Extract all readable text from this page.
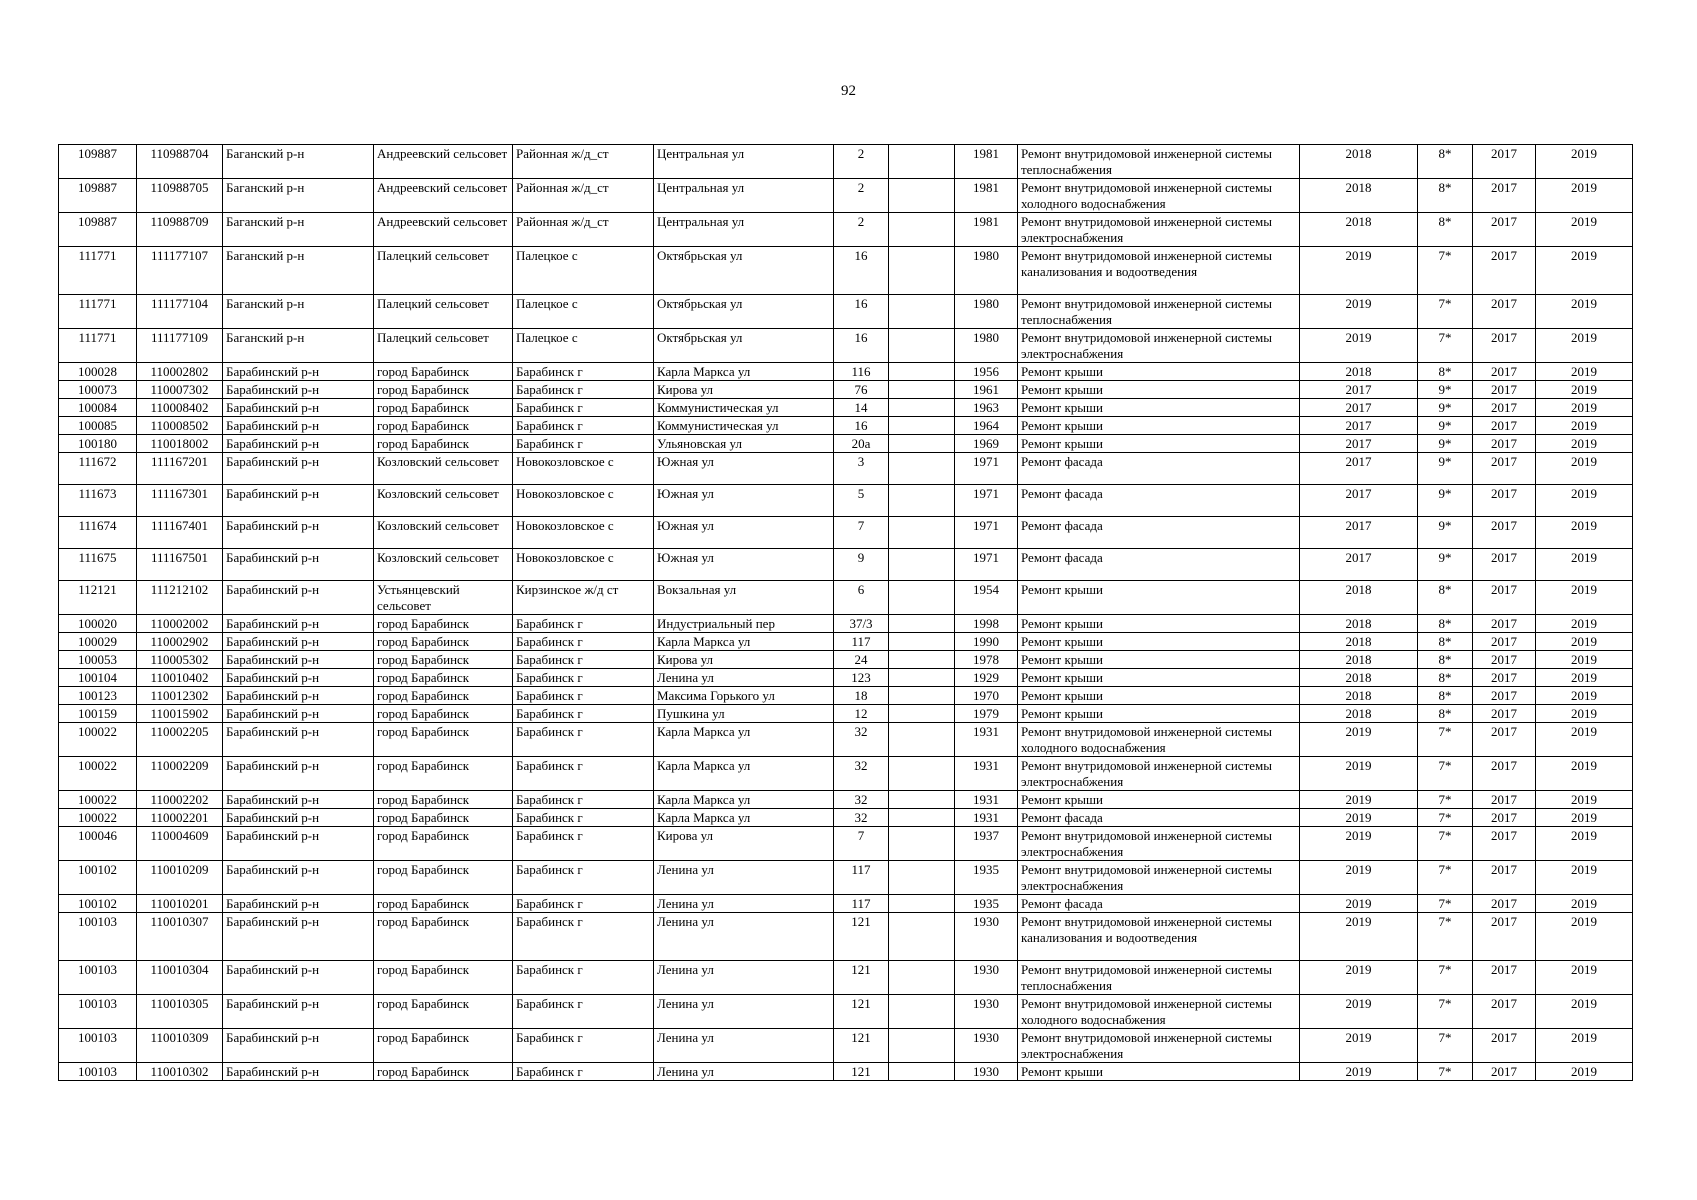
92
109887	110988704	Баганский р-н	Андреевский сельсовет	Районная ж/д_ст	Центральная ул	2		1981	Ремонт внутридомовой инженерной системы теплоснабжения	2018	8*	2017	2019
109887	110988705	Баганский р-н	Андреевский сельсовет	Районная ж/д_ст	Центральная ул	2		1981	Ремонт внутридомовой инженерной системы холодного водоснабжения	2018	8*	2017	2019
109887	110988709	Баганский р-н	Андреевский сельсовет	Районная ж/д_ст	Центральная ул	2		1981	Ремонт внутридомовой инженерной системы электроснабжения	2018	8*	2017	2019
111771	111177107	Баганский р-н	Палецкий сельсовет	Палецкое с	Октябрьская ул	16		1980	Ремонт внутридомовой инженерной системы канализования и водоотведения	2019	7*	2017	2019
111771	111177104	Баганский р-н	Палецкий сельсовет	Палецкое с	Октябрьская ул	16		1980	Ремонт внутридомовой инженерной системы теплоснабжения	2019	7*	2017	2019
111771	111177109	Баганский р-н	Палецкий сельсовет	Палецкое с	Октябрьская ул	16		1980	Ремонт внутридомовой инженерной системы электроснабжения	2019	7*	2017	2019
100028	110002802	Барабинский р-н	город Барабинск	Барабинск г	Карла Маркса ул	116		1956	Ремонт крыши	2018	8*	2017	2019
100073	110007302	Барабинский р-н	город Барабинск	Барабинск г	Кирова ул	76		1961	Ремонт крыши	2017	9*	2017	2019
100084	110008402	Барабинский р-н	город Барабинск	Барабинск г	Коммунистическая ул	14		1963	Ремонт крыши	2017	9*	2017	2019
100085	110008502	Барабинский р-н	город Барабинск	Барабинск г	Коммунистическая ул	16		1964	Ремонт крыши	2017	9*	2017	2019
100180	110018002	Барабинский р-н	город Барабинск	Барабинск г	Ульяновская ул	20а		1969	Ремонт крыши	2017	9*	2017	2019
111672	111167201	Барабинский р-н	Козловский сельсовет	Новокозловское с	Южная ул	3		1971	Ремонт фасада	2017	9*	2017	2019
111673	111167301	Барабинский р-н	Козловский сельсовет	Новокозловское с	Южная ул	5		1971	Ремонт фасада	2017	9*	2017	2019
111674	111167401	Барабинский р-н	Козловский сельсовет	Новокозловское с	Южная ул	7		1971	Ремонт фасада	2017	9*	2017	2019
111675	111167501	Барабинский р-н	Козловский сельсовет	Новокозловское с	Южная ул	9		1971	Ремонт фасада	2017	9*	2017	2019
112121	111212102	Барабинский р-н	Устьянцевский сельсовет	Кирзинское ж/д ст	Вокзальная ул	6		1954	Ремонт крыши	2018	8*	2017	2019
100020	110002002	Барабинский р-н	город Барабинск	Барабинск г	Индустриальный пер	37/3		1998	Ремонт крыши	2018	8*	2017	2019
100029	110002902	Барабинский р-н	город Барабинск	Барабинск г	Карла Маркса ул	117		1990	Ремонт крыши	2018	8*	2017	2019
100053	110005302	Барабинский р-н	город Барабинск	Барабинск г	Кирова ул	24		1978	Ремонт крыши	2018	8*	2017	2019
100104	110010402	Барабинский р-н	город Барабинск	Барабинск г	Ленина ул	123		1929	Ремонт крыши	2018	8*	2017	2019
100123	110012302	Барабинский р-н	город Барабинск	Барабинск г	Максима Горького ул	18		1970	Ремонт крыши	2018	8*	2017	2019
100159	110015902	Барабинский р-н	город Барабинск	Барабинск г	Пушкина ул	12		1979	Ремонт крыши	2018	8*	2017	2019
100022	110002205	Барабинский р-н	город Барабинск	Барабинск г	Карла Маркса ул	32		1931	Ремонт внутридомовой инженерной системы холодного водоснабжения	2019	7*	2017	2019
100022	110002209	Барабинский р-н	город Барабинск	Барабинск г	Карла Маркса ул	32		1931	Ремонт внутридомовой инженерной системы электроснабжения	2019	7*	2017	2019
100022	110002202	Барабинский р-н	город Барабинск	Барабинск г	Карла Маркса ул	32		1931	Ремонт крыши	2019	7*	2017	2019
100022	110002201	Барабинский р-н	город Барабинск	Барабинск г	Карла Маркса ул	32		1931	Ремонт фасада	2019	7*	2017	2019
100046	110004609	Барабинский р-н	город Барабинск	Барабинск г	Кирова ул	7		1937	Ремонт внутридомовой инженерной системы электроснабжения	2019	7*	2017	2019
100102	110010209	Барабинский р-н	город Барабинск	Барабинск г	Ленина ул	117		1935	Ремонт внутридомовой инженерной системы электроснабжения	2019	7*	2017	2019
100102	110010201	Барабинский р-н	город Барабинск	Барабинск г	Ленина ул	117		1935	Ремонт фасада	2019	7*	2017	2019
100103	110010307	Барабинский р-н	город Барабинск	Барабинск г	Ленина ул	121		1930	Ремонт внутридомовой инженерной системы канализования и водоотведения	2019	7*	2017	2019
100103	110010304	Барабинский р-н	город Барабинск	Барабинск г	Ленина ул	121		1930	Ремонт внутридомовой инженерной системы теплоснабжения	2019	7*	2017	2019
100103	110010305	Барабинский р-н	город Барабинск	Барабинск г	Ленина ул	121		1930	Ремонт внутридомовой инженерной системы холодного водоснабжения	2019	7*	2017	2019
100103	110010309	Барабинский р-н	город Барабинск	Барабинск г	Ленина ул	121		1930	Ремонт внутридомовой инженерной системы электроснабжения	2019	7*	2017	2019
100103	110010302	Барабинский р-н	город Барабинск	Барабинск г	Ленина ул	121		1930	Ремонт крыши	2019	7*	2017	2019
